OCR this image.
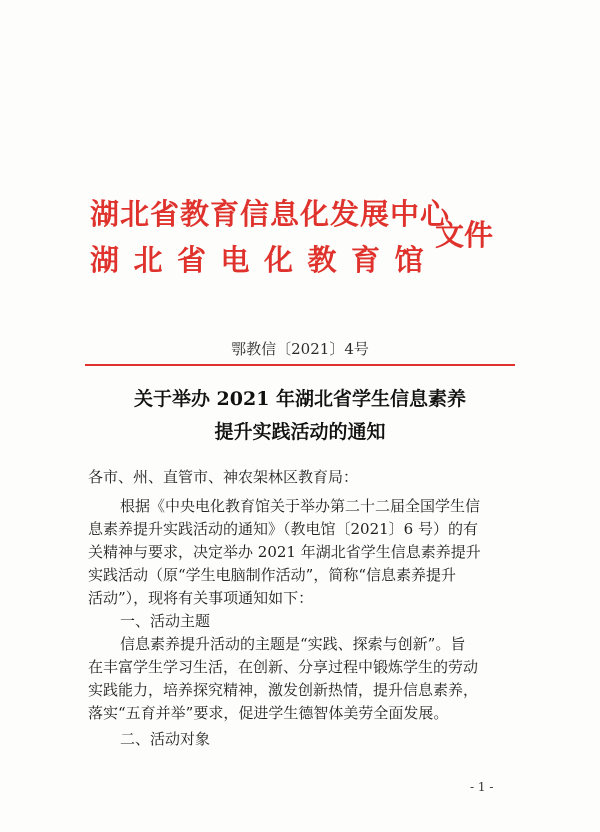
湖北省教育信息化发展中心
湖北省电化教育馆
文件
鄂教信〔2021〕4号
关于举办 2021 年湖北省学生信息素养
提升实践活动的通知
各市、州、直管市、神农架林区教育局：
根据《中央电化教育馆关于举办第二十二届全国学生信
息素养提升实践活动的通知》（教电馆〔2021〕6 号）的有
关精神与要求，决定举办 2021 年湖北省学生信息素养提升
实践活动（原“学生电脑制作活动”，简称“信息素养提升
活动”），现将有关事项通知如下：
一、活动主题
信息素养提升活动的主题是“实践、探索与创新”。旨
在丰富学生学习生活，在创新、分享过程中锻炼学生的劳动
实践能力，培养探究精神，激发创新热情，提升信息素养，
落实“五育并举”要求，促进学生德智体美劳全面发展。
二、活动对象
- 1 -
